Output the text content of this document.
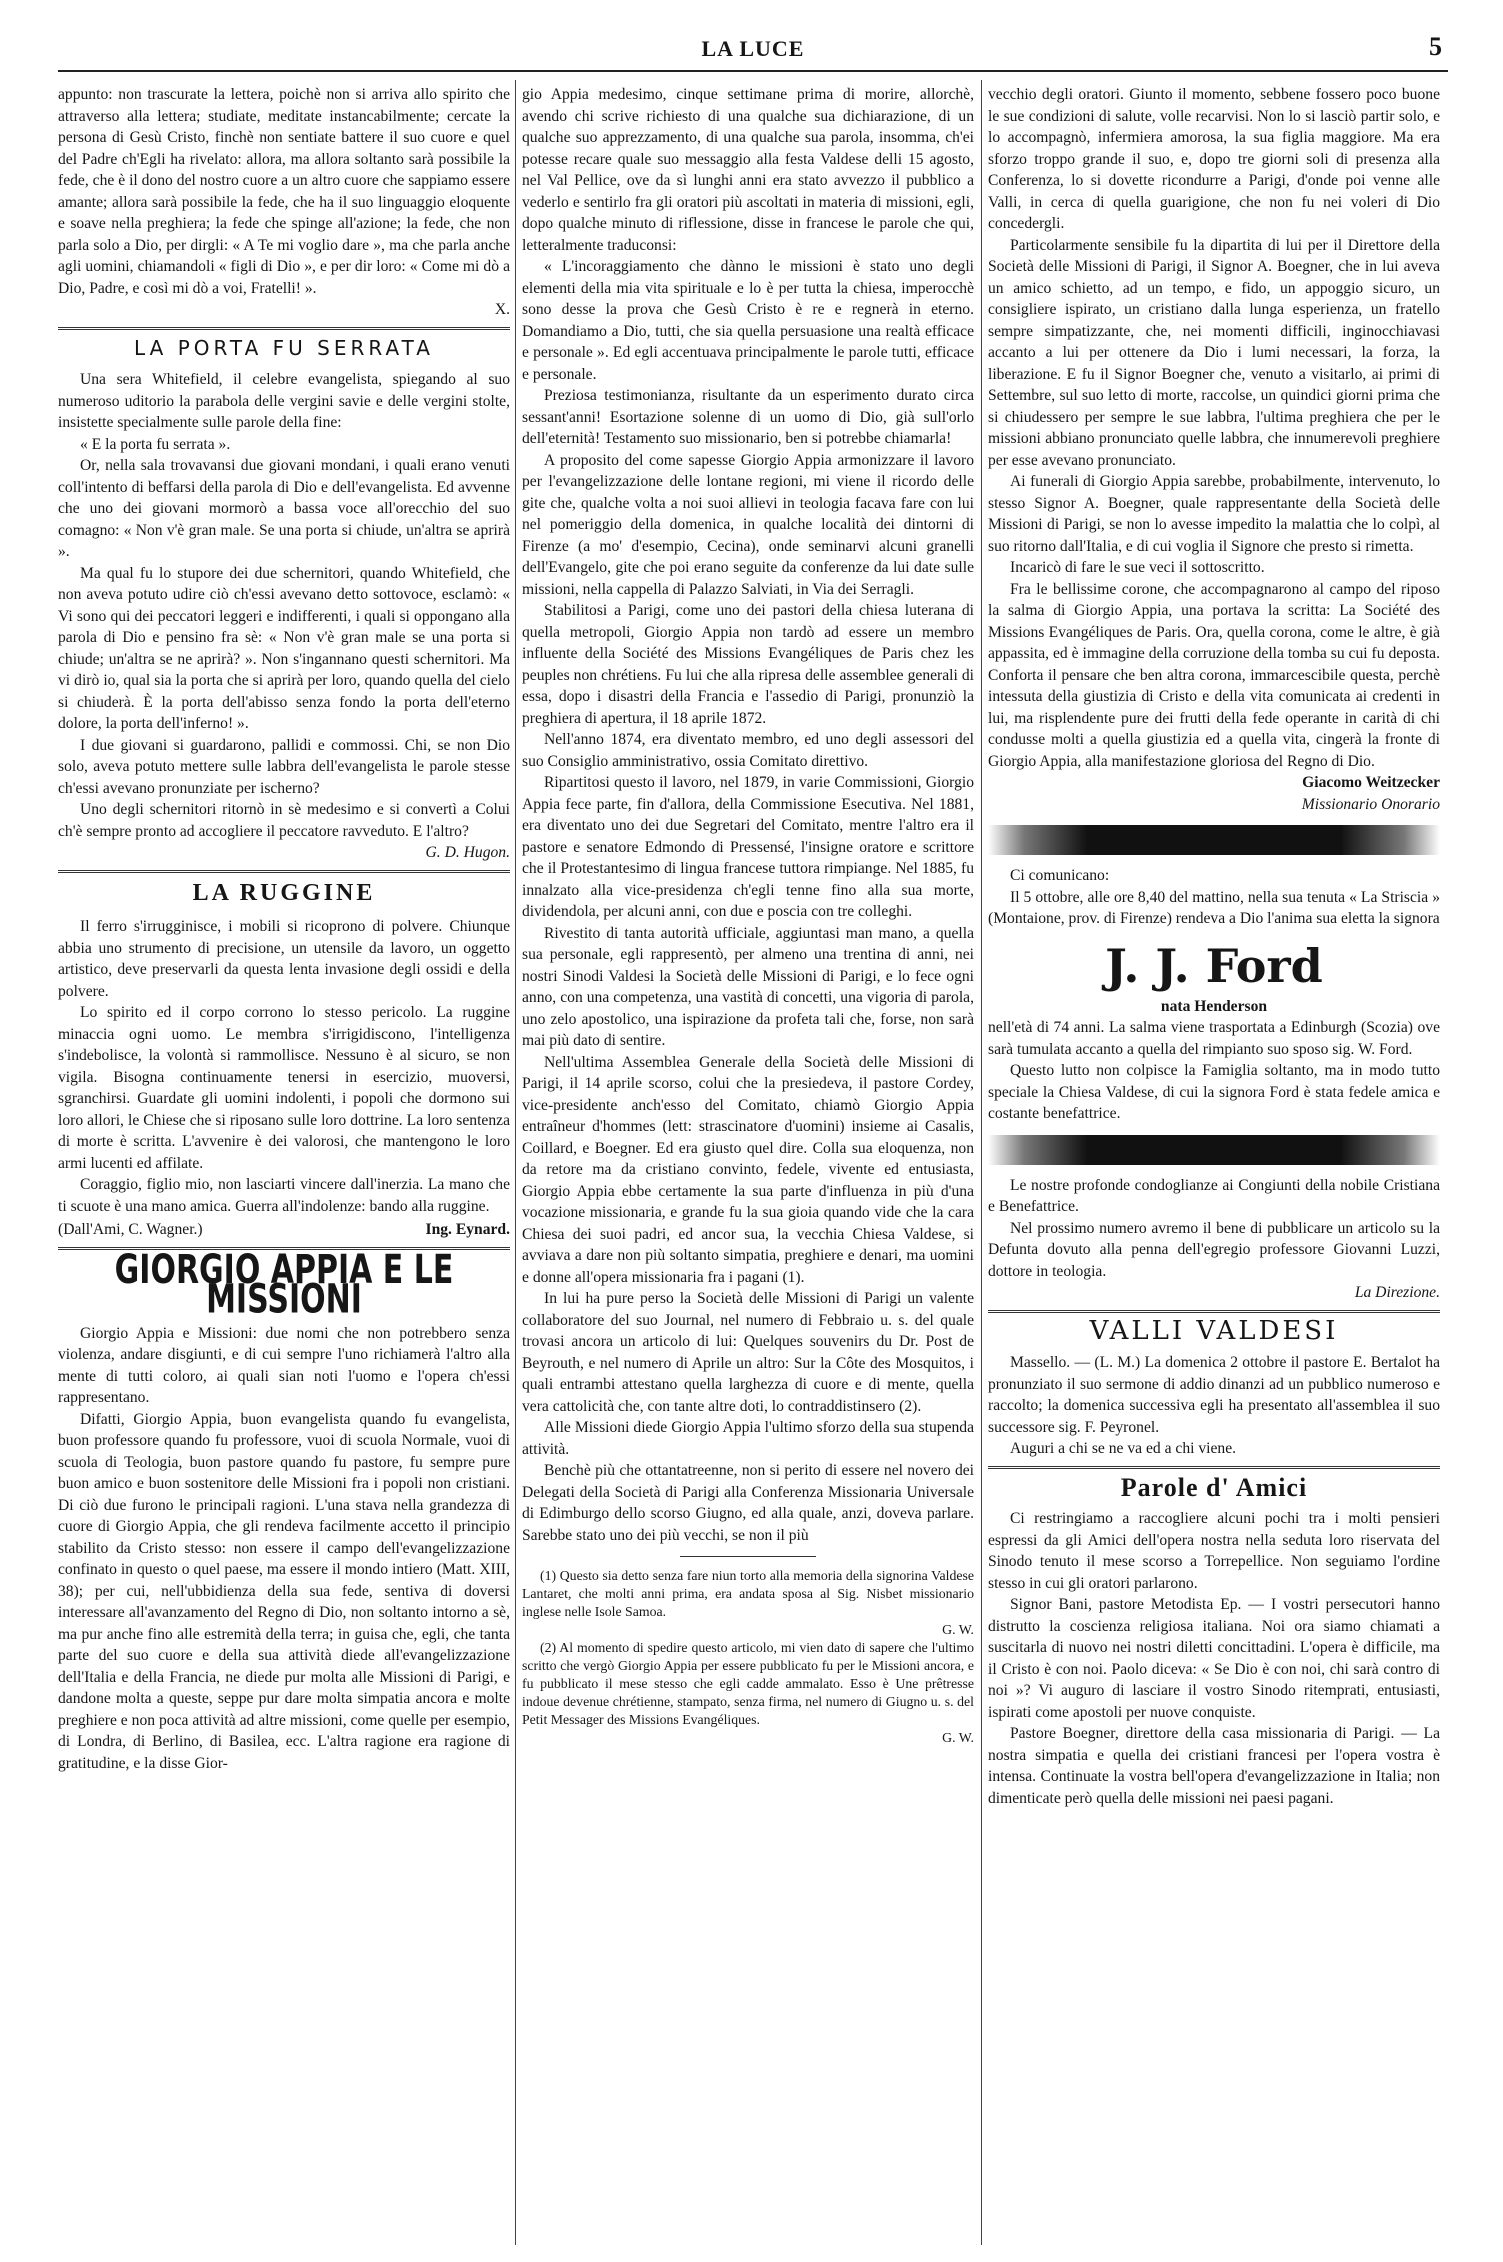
LA LUCE	5

appunto: non trascurate la lettera, poichè non si arriva allo spirito che attraverso alla lettera; studiate, meditate instancabilmente; cercate la persona di Gesù Cristo, finchè non sentiate battere il suo cuore e quel del Padre ch'Egli ha rivelato: allora, ma allora soltanto sarà possibile la fede, che è il dono del nostro cuore a un altro cuore che sappiamo essere amante; allora sarà possibile la fede, che ha il suo linguaggio eloquente e soave nella preghiera; la fede che spinge all'azione; la fede, che non parla solo a Dio, per dirgli: « A Te mi voglio dare », ma che parla anche agli uomini, chiamandoli « figli di Dio », e per dir loro: « Come mi dò a Dio, Padre, e così mi dò a voi, Fratelli! ».

X.
LA PORTA FU SERRATA

Una sera Whitefield, il celebre evangelista, spiegando al suo numeroso uditorio la parabola delle vergini savie e delle vergini stolte, insistette specialmente sulle parole della fine:

« E la porta fu serrata ».

Or, nella sala trovavansi due giovani mondani, i quali erano venuti coll'intento di beffarsi della parola di Dio e dell'evangelista. Ed avvenne che uno dei giovani mormorò a bassa voce all'orecchio del suo comagno: « Non v'è gran male. Se una porta si chiude, un'altra se aprirà ».

Ma qual fu lo stupore dei due schernitori, quando Whitefield, che non aveva potuto udire ciò ch'essi avevano detto sottovoce, esclamò: « Vi sono qui dei peccatori leggeri e indifferenti, i quali si oppongano alla parola di Dio e pensino fra sè: « Non v'è gran male se una porta si chiude; un'altra se ne aprirà? ». Non s'ingannano questi schernitori. Ma vi dirò io, qual sia la porta che si aprirà per loro, quando quella del cielo si chiuderà. È la porta dell'abisso senza fondo la porta dell'eterno dolore, la porta dell'inferno! ».

I due giovani si guardarono, pallidi e commossi. Chi, se non Dio solo, aveva potuto mettere sulle labbra dell'evangelista le parole stesse ch'essi avevano pronunziate per ischerno?

Uno degli schernitori ritornò in sè medesimo e si convertì a Colui ch'è sempre pronto ad accogliere il peccatore ravveduto. E l'altro?

G. D. Hugon.
LA RUGGINE

Il ferro s'irrugginisce, i mobili si ricoprono di polvere. Chiunque abbia uno strumento di precisione, un utensile da lavoro, un oggetto artistico, deve preservarli da questa lenta invasione degli ossidi e della polvere.

Lo spirito ed il corpo corrono lo stesso pericolo. La ruggine minaccia ogni uomo. Le membra s'irrigidiscono, l'intelligenza s'indebolisce, la volontà si rammollisce. Nessuno è al sicuro, se non vigila. Bisogna continuamente tenersi in esercizio, muoversi, sgranchirsi. Guardate gli uomini indolenti, i popoli che dormono sui loro allori, le Chiese che si riposano sulle loro dottrine. La loro sentenza di morte è scritta. L'avvenire è dei valorosi, che mantengono le loro armi lucenti ed affilate.

Coraggio, figlio mio, non lasciarti vincere dall'inerzia. La mano che ti scuote è una mano amica. Guerra all'indolenze: bando alla ruggine.

(Dall'Ami, C. Wagner.)	Ing. Eynard.
GIORGIO APPIA E LE MISSIONI

Giorgio Appia e Missioni: due nomi che non potrebbero senza violenza, andare disgiunti, e di cui sempre l'uno richiamerà l'altro alla mente di tutti coloro, ai quali sian noti l'uomo e l'opera ch'essi rappresentano.

Difatti, Giorgio Appia, buon evangelista quando fu evangelista, buon professore quando fu professore, vuoi di scuola Normale, vuoi di scuola di Teologia, buon pastore quando fu pastore, fu sempre pure buon amico e buon sostenitore delle Missioni fra i popoli non cristiani. Di ciò due furono le principali ragioni. L'una stava nella grandezza di cuore di Giorgio Appia, che gli rendeva facilmente accetto il principio stabilito da Cristo stesso: non essere il campo dell'evangelizzazione confinato in questo o quel paese, ma essere il mondo intiero (Matt. XIII, 38); per cui, nell'ubbidienza della sua fede, sentiva di doversi interessare all'avanzamento del Regno di Dio, non soltanto intorno a sè, ma pur anche fino alle estremità della terra; in guisa che, egli, che tanta parte del suo cuore e della sua attività diede all'evangelizzazione dell'Italia e della Francia, ne diede pur molta alle Missioni di Parigi, e dandone molta a queste, seppe pur dare molta simpatia ancora e molte preghiere e non poca attività ad altre missioni, come quelle per esempio, di Londra, di Berlino, di Basilea, ecc. L'altra ragione era ragione di gratitudine, e la disse Gior-

gio Appia medesimo, cinque settimane prima di morire, allorchè, avendo chi scrive richiesto di una qualche sua dichiarazione, di un qualche suo apprezzamento, di una qualche sua parola, insomma, ch'ei potesse recare quale suo messaggio alla festa Valdese delli 15 agosto, nel Val Pellice, ove da sì lunghi anni era stato avvezzo il pubblico a vederlo e sentirlo fra gli oratori più ascoltati in materia di missioni, egli, dopo qualche minuto di riflessione, disse in francese le parole che qui, letteralmente traduconsi:

« L'incoraggiamento che dànno le missioni è stato uno degli elementi della mia vita spirituale e lo è per tutta la chiesa, imperocchè sono desse la prova che Gesù Cristo è re e regnerà in eterno. Domandiamo a Dio, tutti, che sia quella persuasione una realtà efficace e personale ». Ed egli accentuava principalmente le parole tutti, efficace e personale.

Preziosa testimonianza, risultante da un esperimento durato circa sessant'anni! Esortazione solenne di un uomo di Dio, già sull'orlo dell'eternità! Testamento suo missionario, ben si potrebbe chiamarla!

A proposito del come sapesse Giorgio Appia armonizzare il lavoro per l'evangelizzazione delle lontane regioni, mi viene il ricordo delle gite che, qualche volta a noi suoi allievi in teologia facava fare con lui nel pomeriggio della domenica, in qualche località dei dintorni di Firenze (a mo' d'esempio, Cecina), onde seminarvi alcuni granelli dell'Evangelo, gite che poi erano seguite da conferenze da lui date sulle missioni, nella cappella di Palazzo Salviati, in Via dei Serragli.

Stabilitosi a Parigi, come uno dei pastori della chiesa luterana di quella metropoli, Giorgio Appia non tardò ad essere un membro influente della Société des Missions Evangéliques de Paris chez les peuples non chrétiens. Fu lui che alla ripresa delle assemblee generali di essa, dopo i disastri della Francia e l'assedio di Parigi, pronunziò la preghiera di apertura, il 18 aprile 1872.

Nell'anno 1874, era diventato membro, ed uno degli assessori del suo Consiglio amministrativo, ossia Comitato direttivo.

Ripartitosi questo il lavoro, nel 1879, in varie Commissioni, Giorgio Appia fece parte, fin d'allora, della Commissione Esecutiva. Nel 1881, era diventato uno dei due Segretari del Comitato, mentre l'altro era il pastore e senatore Edmondo di Pressensé, l'insigne oratore e scrittore che il Protestantesimo di lingua francese tuttora rimpiange. Nel 1885, fu innalzato alla vice-presidenza ch'egli tenne fino alla sua morte, dividendola, per alcuni anni, con due e poscia con tre colleghi.

Rivestito di tanta autorità ufficiale, aggiuntasi man mano, a quella sua personale, egli rappresentò, per almeno una trentina di anni, nei nostri Sinodi Valdesi la Società delle Missioni di Parigi, e lo fece ogni anno, con una competenza, una vastità di concetti, una vigoria di parola, uno zelo apostolico, una ispirazione da profeta tali che, forse, non sarà mai più dato di sentire.

Nell'ultima Assemblea Generale della Società delle Missioni di Parigi, il 14 aprile scorso, colui che la presiedeva, il pastore Cordey, vice-presidente anch'esso del Comitato, chiamò Giorgio Appia entraîneur d'hommes (lett: strascinatore d'uomini) insieme ai Casalis, Coillard, e Boegner. Ed era giusto quel dire. Colla sua eloquenza, non da retore ma da cristiano convinto, fedele, vivente ed entusiasta, Giorgio Appia ebbe certamente la sua parte d'influenza in più d'una vocazione missionaria, e grande fu la sua gioia quando vide che la cara Chiesa dei suoi padri, ed ancor sua, la vecchia Chiesa Valdese, si avviava a dare non più soltanto simpatia, preghiere e denari, ma uomini e donne all'opera missionaria fra i pagani (1).

In lui ha pure perso la Società delle Missioni di Parigi un valente collaboratore del suo Journal, nel numero di Febbraio u. s. del quale trovasi ancora un articolo di lui: Quelques souvenirs du Dr. Post de Beyrouth, e nel numero di Aprile un altro: Sur la Côte des Mosquitos, i quali entrambi attestano quella larghezza di cuore e di mente, quella vera cattolicità che, con tante altre doti, lo contraddistinsero (2).

Alle Missioni diede Giorgio Appia l'ultimo sforzo della sua stupenda attività.

Benchè più che ottantatreenne, non si perito di essere nel novero dei Delegati della Società di Parigi alla Conferenza Missionaria Universale di Edimburgo dello scorso Giugno, ed alla quale, anzi, doveva parlare. Sarebbe stato uno dei più vecchi, se non il più

(1) Questo sia detto senza fare niun torto alla memoria della signorina Valdese Lantaret, che molti anni prima, era andata sposa al Sig. Nisbet missionario inglese nelle Isole Samoa.

G. W.

(2) Al momento di spedire questo articolo, mi vien dato di sapere che l'ultimo scritto che vergò Giorgio Appia per essere pubblicato fu per le Missioni ancora, e fu pubblicato il mese stesso che egli cadde ammalato. Esso è Une prêtresse indoue devenue chrétienne, stampato, senza firma, nel numero di Giugno u. s. del Petit Messager des Missions Evangéliques.

G. W.

vecchio degli oratori. Giunto il momento, sebbene fossero poco buone le sue condizioni di salute, volle recarvisi. Non lo si lasciò partir solo, e lo accompagnò, infermiera amorosa, la sua figlia maggiore. Ma era sforzo troppo grande il suo, e, dopo tre giorni soli di presenza alla Conferenza, lo si dovette ricondurre a Parigi, d'onde poi venne alle Valli, in cerca di quella guarigione, che non fu nei voleri di Dio concedergli.

Particolarmente sensibile fu la dipartita di lui per il Direttore della Società delle Missioni di Parigi, il Signor A. Boegner, che in lui aveva un amico schietto, ad un tempo, e fido, un appoggio sicuro, un consigliere ispirato, un cristiano dalla lunga esperienza, un fratello sempre simpatizzante, che, nei momenti difficili, inginocchiavasi accanto a lui per ottenere da Dio i lumi necessari, la forza, la liberazione. E fu il Signor Boegner che, venuto a visitarlo, ai primi di Settembre, sul suo letto di morte, raccolse, un quindici giorni prima che si chiudessero per sempre le sue labbra, l'ultima preghiera che per le missioni abbiano pronunciato quelle labbra, che innumerevoli preghiere per esse avevano pronunciato.

Ai funerali di Giorgio Appia sarebbe, probabilmente, intervenuto, lo stesso Signor A. Boegner, quale rappresentante della Società delle Missioni di Parigi, se non lo avesse impedito la malattia che lo colpì, al suo ritorno dall'Italia, e di cui voglia il Signore che presto si rimetta.

Incaricò di fare le sue veci il sottoscritto.

Fra le bellissime corone, che accompagnarono al campo del riposo la salma di Giorgio Appia, una portava la scritta: La Société des Missions Evangéliques de Paris. Ora, quella corona, come le altre, è già appassita, ed è immagine della corruzione della tomba su cui fu deposta. Conforta il pensare che ben altra corona, immarcescibile questa, perchè intessuta della giustizia di Cristo e della vita comunicata ai credenti in lui, ma risplendente pure dei frutti della fede operante in carità di chi condusse molti a quella giustizia ed a quella vita, cingerà la fronte di Giorgio Appia, alla manifestazione gloriosa del Regno di Dio.

Giacomo Weitzecker
Missionario Onorario

Ci comunicano:

Il 5 ottobre, alle ore 8,40 del mattino, nella sua tenuta « La Striscia » (Montaione, prov. di Firenze) rendeva a Dio l'anima sua eletta la signora

J. J. Ford
nata Henderson

nell'età di 74 anni. La salma viene trasportata a Edinburgh (Scozia) ove sarà tumulata accanto a quella del rimpianto suo sposo sig. W. Ford.

Questo lutto non colpisce la Famiglia soltanto, ma in modo tutto speciale la Chiesa Valdese, di cui la signora Ford è stata fedele amica e costante benefattrice.

Le nostre profonde condoglianze ai Congiunti della nobile Cristiana e Benefattrice.

Nel prossimo numero avremo il bene di pubblicare un articolo su la Defunta dovuto alla penna dell'egregio professore Giovanni Luzzi, dottore in teologia.

La Direzione.
VALLI VALDESI

Massello. — (L. M.) La domenica 2 ottobre il pastore E. Bertalot ha pronunziato il suo sermone di addio dinanzi ad un pubblico numeroso e raccolto; la domenica successiva egli ha presentato all'assemblea il suo successore sig. F. Peyronel.

Auguri a chi se ne va ed a chi viene.

Parole d' Amici

Ci restringiamo a raccogliere alcuni pochi tra i molti pensieri espressi da gli Amici dell'opera nostra nella seduta loro riservata del Sinodo tenuto il mese scorso a Torrepellice. Non seguiamo l'ordine stesso in cui gli oratori parlarono.

Signor Bani, pastore Metodista Ep. — I vostri persecutori hanno distrutto la coscienza religiosa italiana. Noi ora siamo chiamati a suscitarla di nuovo nei nostri diletti concittadini. L'opera è difficile, ma il Cristo è con noi. Paolo diceva: « Se Dio è con noi, chi sarà contro di noi »? Vi auguro di lasciare il vostro Sinodo ritemprati, entusiasti, ispirati come apostoli per nuove conquiste.

Pastore Boegner, direttore della casa missionaria di Parigi. — La nostra simpatia e quella dei cristiani francesi per l'opera vostra è intensa. Continuate la vostra bell'opera d'evangelizzazione in Italia; non dimenticate però quella delle missioni nei paesi pagani.
